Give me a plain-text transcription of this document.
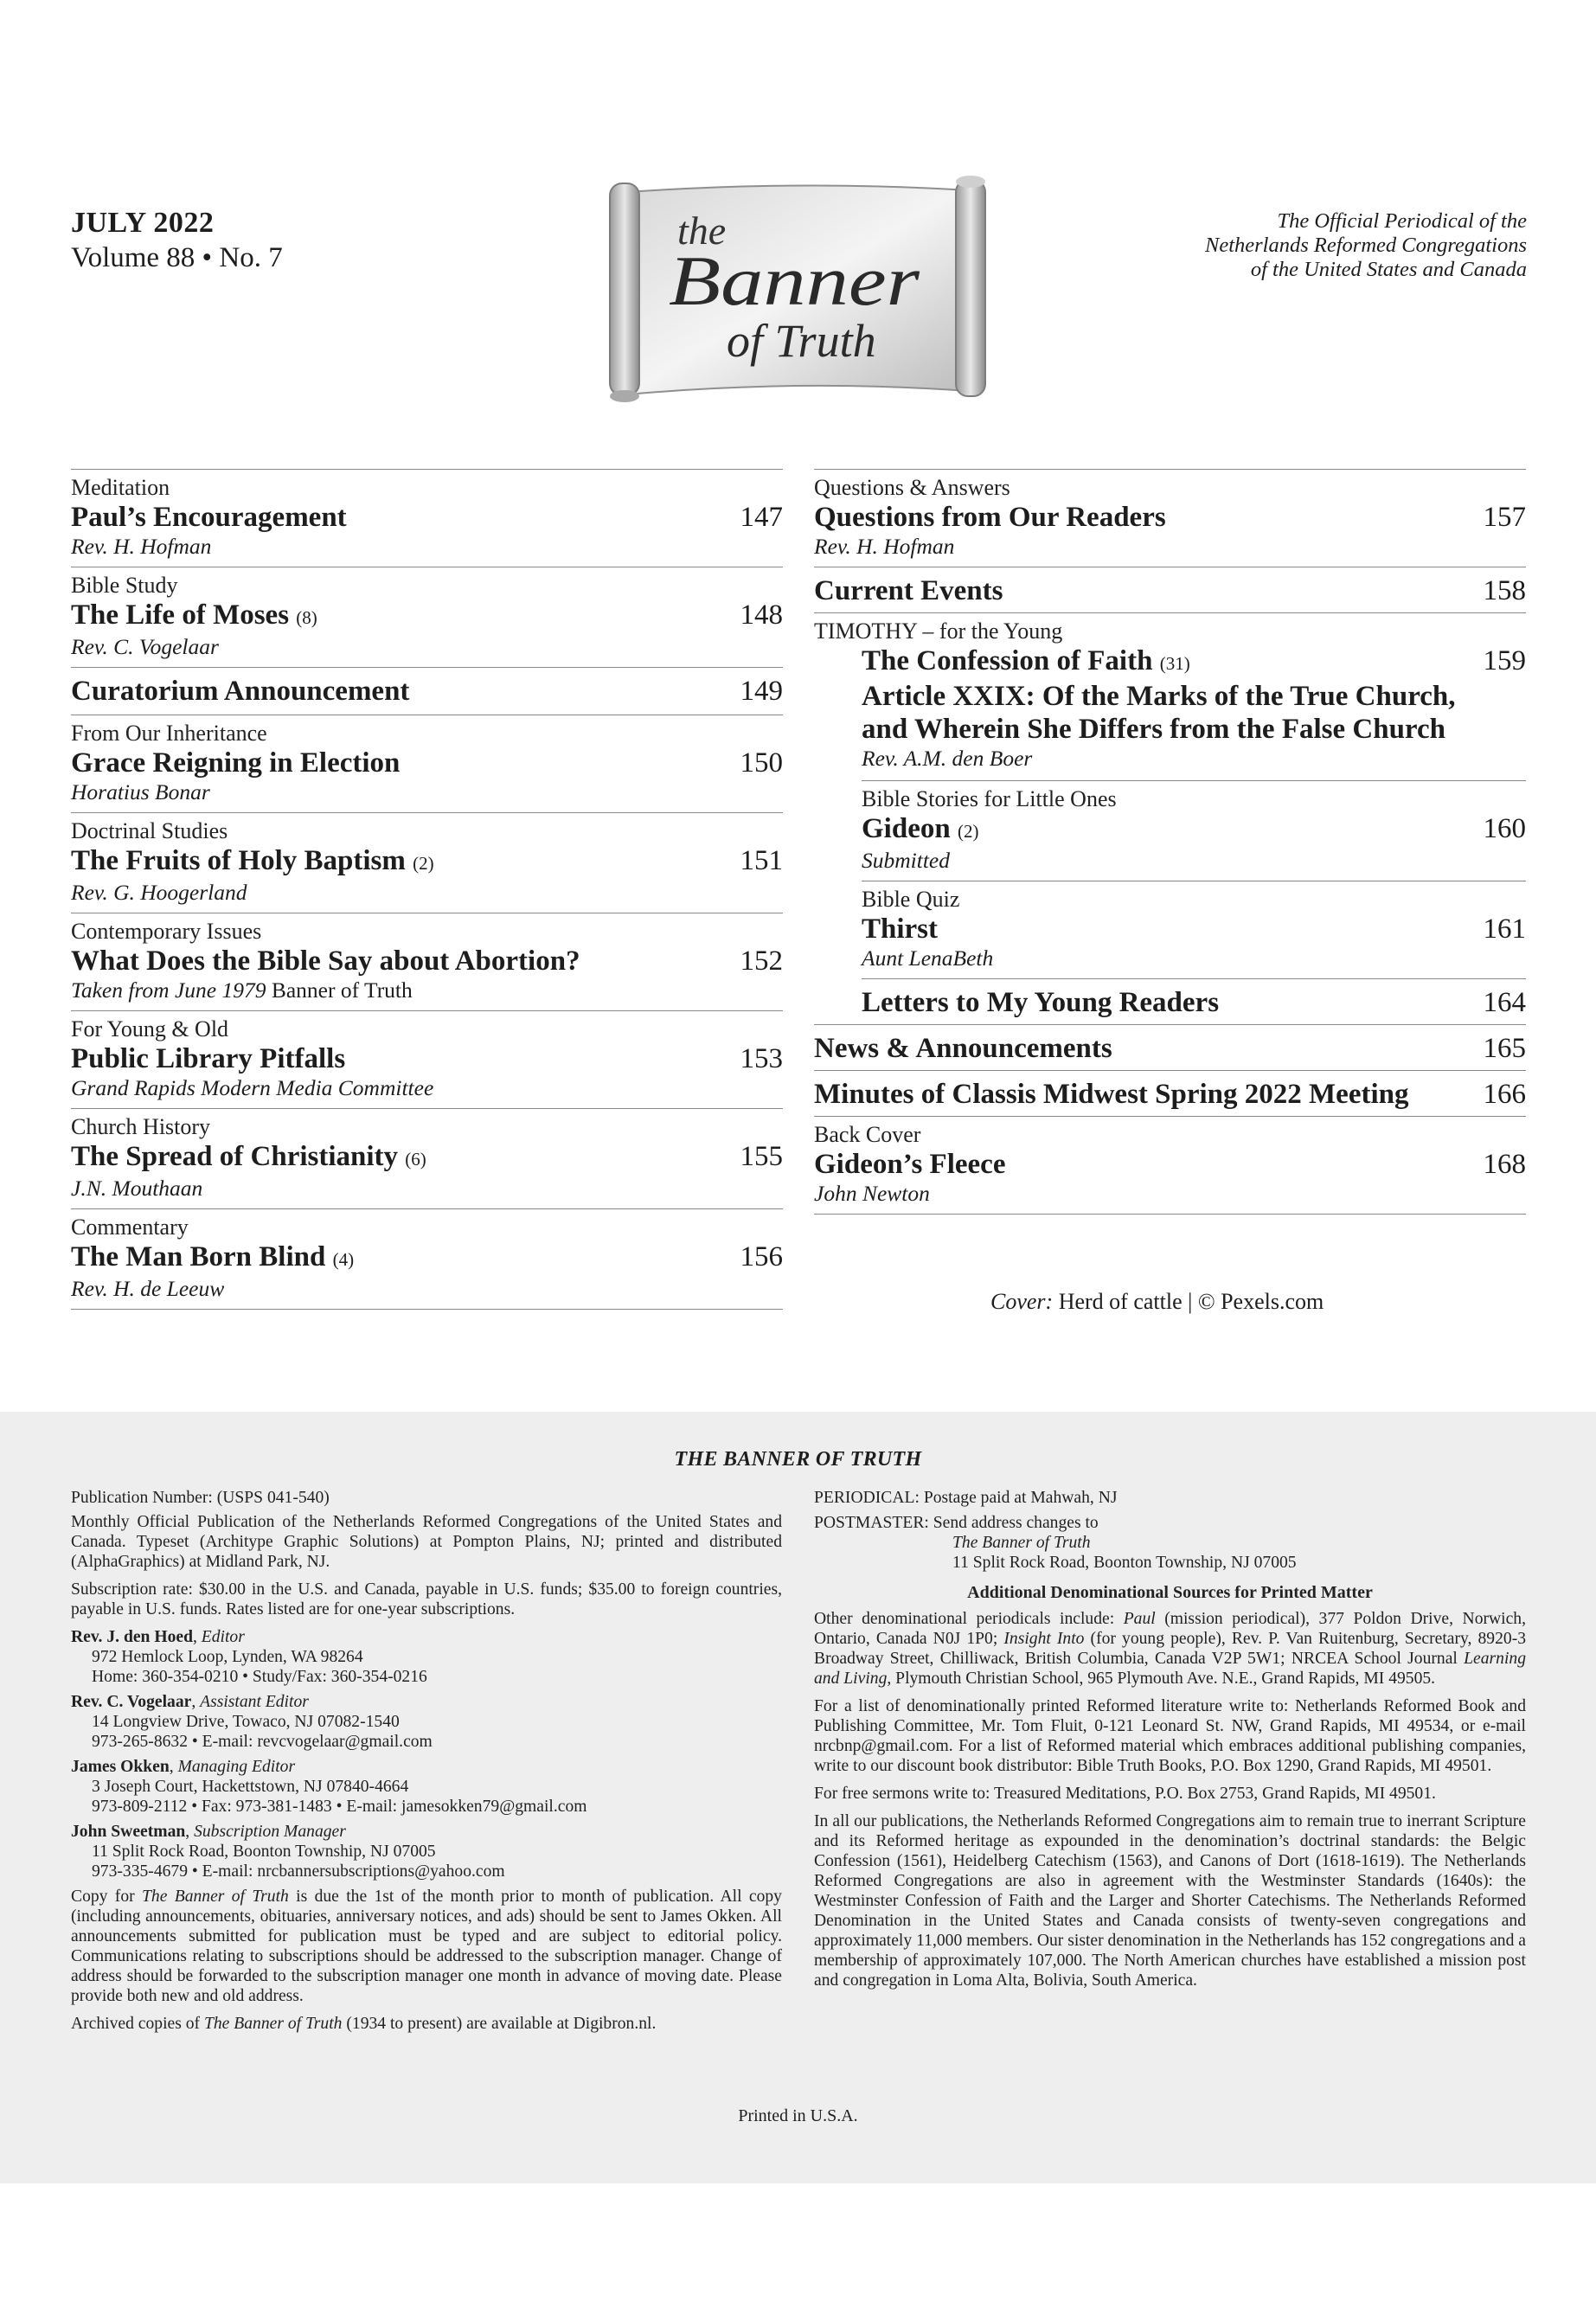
JULY 2022
Volume 88 • No. 7
the
Banner
of Truth
The Official Periodical of the
Netherlands Reformed Congregations
of the United States and Canada
Meditation
Paul’s Encouragement	147
Rev. H. Hofman
Bible Study
The Life of Moses (8)	148
Rev. C. Vogelaar
Curatorium Announcement	149
From Our Inheritance
Grace Reigning in Election	150
Horatius Bonar
Doctrinal Studies
The Fruits of Holy Baptism (2)	151
Rev. G. Hoogerland
Contemporary Issues
What Does the Bible Say about Abortion?	152
Taken from June 1979 Banner of Truth
For Young & Old
Public Library Pitfalls	153
Grand Rapids Modern Media Committee
Church History
The Spread of Christianity (6)	155
J.N. Mouthaan
Commentary
The Man Born Blind (4)	156
Rev. H. de Leeuw
Questions & Answers
Questions from Our Readers	157
Rev. H. Hofman
Current Events	158
TIMOTHY – for the Young
The Confession of Faith (31)	159
Article XXIX: Of the Marks of the True Church,
and Wherein She Differs from the False Church
Rev. A.M. den Boer
Bible Stories for Little Ones
Gideon (2)	160
Submitted
Bible Quiz
Thirst	161
Aunt LenaBeth
Letters to My Young Readers	164
News & Announcements	165
Minutes of Classis Midwest Spring 2022 Meeting	166
Back Cover
Gideon’s Fleece	168
John Newton
Cover: Herd of cattle | © Pexels.com
THE BANNER OF TRUTH

Publication Number: (USPS 041-540)

Monthly Official Publication of the Netherlands Reformed Congregations of the United States and Canada. Typeset (Architype Graphic Solutions) at Pompton Plains, NJ; printed and distributed (AlphaGraphics) at Midland Park, NJ.

Subscription rate: $30.00 in the U.S. and Canada, payable in U.S. funds; $35.00 to foreign countries, payable in U.S. funds. Rates listed are for one-year subscriptions.

Rev. J. den Hoed, Editor
972 Hemlock Loop, Lynden, WA 98264
Home: 360-354-0210 • Study/Fax: 360-354-0216
Rev. C. Vogelaar, Assistant Editor
14 Longview Drive, Towaco, NJ 07082-1540
973-265-8632 • E-mail: revcvogelaar@gmail.com
James Okken, Managing Editor
3 Joseph Court, Hackettstown, NJ 07840-4664
973-809-2112 • Fax: 973-381-1483 • E-mail: jamesokken79@gmail.com
John Sweetman, Subscription Manager
11 Split Rock Road, Boonton Township, NJ 07005
973-335-4679 • E-mail: nrcbannersubscriptions@yahoo.com

Copy for The Banner of Truth is due the 1st of the month prior to month of publication. All copy (including announcements, obituaries, anniversary notices, and ads) should be sent to James Okken. All announcements submitted for publication must be typed and are subject to editorial policy. Communications relating to subscriptions should be addressed to the subscription manager. Change of address should be forwarded to the subscription manager one month in advance of moving date. Please provide both new and old address.

Archived copies of The Banner of Truth (1934 to present) are available at Digibron.nl.

PERIODICAL: Postage paid at Mahwah, NJ

POSTMASTER: Send address changes to
The Banner of Truth
11 Split Rock Road, Boonton Township, NJ 07005
Additional Denominational Sources for Printed Matter

Other denominational periodicals include: Paul (mission periodical), 377 Poldon Drive, Norwich, Ontario, Canada N0J 1P0; Insight Into (for young people), Rev. P. Van Ruitenburg, Secretary, 8920-3 Broadway Street, Chilliwack, British Columbia, Canada V2P 5W1; NRCEA School Journal Learning and Living, Plymouth Christian School, 965 Plymouth Ave. N.E., Grand Rapids, MI 49505.

For a list of denominationally printed Reformed literature write to: Netherlands Reformed Book and Publishing Committee, Mr. Tom Fluit, 0-121 Leonard St. NW, Grand Rapids, MI 49534, or e-mail nrcbnp@gmail.com. For a list of Reformed material which embraces additional publishing companies, write to our discount book distributor: Bible Truth Books, P.O. Box 1290, Grand Rapids, MI 49501.

For free sermons write to: Treasured Meditations, P.O. Box 2753, Grand Rapids, MI 49501.

In all our publications, the Netherlands Reformed Congregations aim to remain true to inerrant Scripture and its Reformed heritage as expounded in the denomination’s doctrinal standards: the Belgic Confession (1561), Heidelberg Catechism (1563), and Canons of Dort (1618-1619). The Netherlands Reformed Congregations are also in agreement with the Westminster Standards (1640s): the Westminster Confession of Faith and the Larger and Shorter Catechisms. The Netherlands Reformed Denomination in the United States and Canada consists of twenty-seven congregations and approximately 11,000 members. Our sister denomination in the Netherlands has 152 congregations and a membership of approximately 107,000. The North American churches have established a mission post and congregation in Loma Alta, Bolivia, South America.

Printed in U.S.A.
